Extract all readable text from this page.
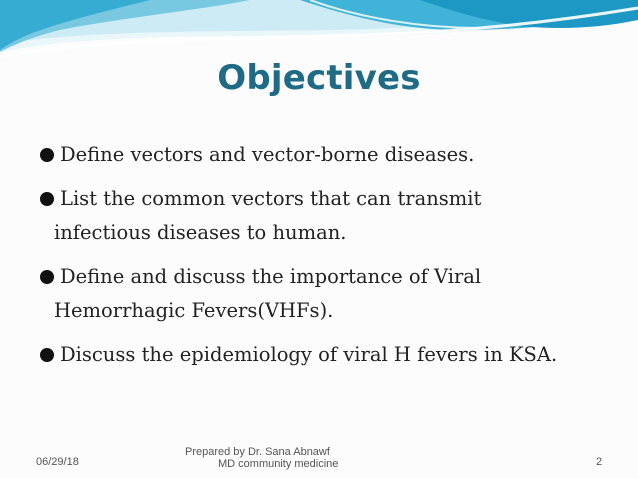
Objectives
Define vectors and vector-borne diseases.
List the common vectors that can transmit
infectious diseases to human.
Define and discuss the importance of Viral
Hemorrhagic Fevers(VHFs).
Discuss the epidemiology of viral H fevers in KSA.
06/29/18
Prepared by Dr. Sana Abnawf
MD community medicine	2
